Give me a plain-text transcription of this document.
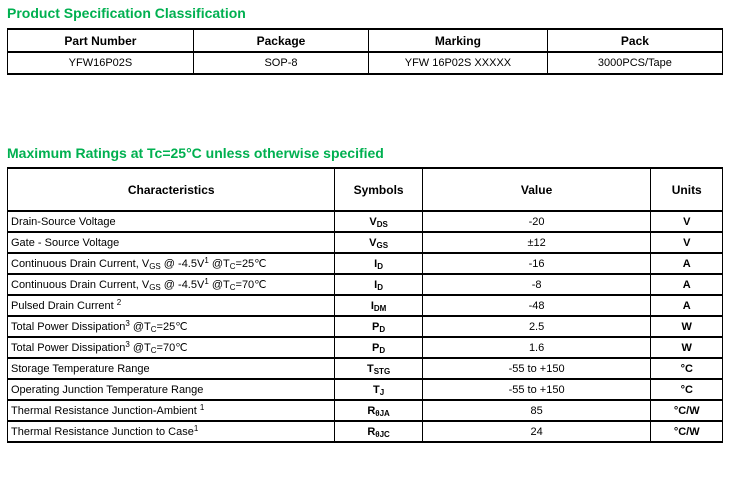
Product Specification Classification
Part Number	Package	Marking	Pack
YFW16P02S	SOP-8	YFW 16P02S XXXXX	3000PCS/Tape
Maximum Ratings at Tc=25°C unless otherwise specified
Characteristics	Symbols	Value	Units
Drain-Source Voltage	$V_{DS}$	-20	V
Gate - Source Voltage	$V_{GS}$	±12	V
Continuous Drain Current, $V_{GS}$ @ $-4.5V^1$ $@T_C=25℃$	$I_D$	-16	A
Continuous Drain Current, $V_{GS}$ @ $-4.5V^1$ $@T_C=70℃$	$I_D$	-8	A
Pulsed Drain Current $^2$	$I_{DM}$	-48	A
Total Power Dissipation$^3$ $@T_C=25℃$	$P_D$	2.5	W
Total Power Dissipation$^3$ $@T_C=70℃$	$P_D$	1.6	W
Storage Temperature Range	$T_{STG}$	-55 to +150	°C
Operating Junction Temperature Range	$T_J$	-55 to +150	°C
Thermal Resistance Junction-Ambient $^1$	$R_{\theta JA}$	85	°C/W
Thermal Resistance Junction to Case$^1$	$R_{\theta JC}$	24	°C/W
